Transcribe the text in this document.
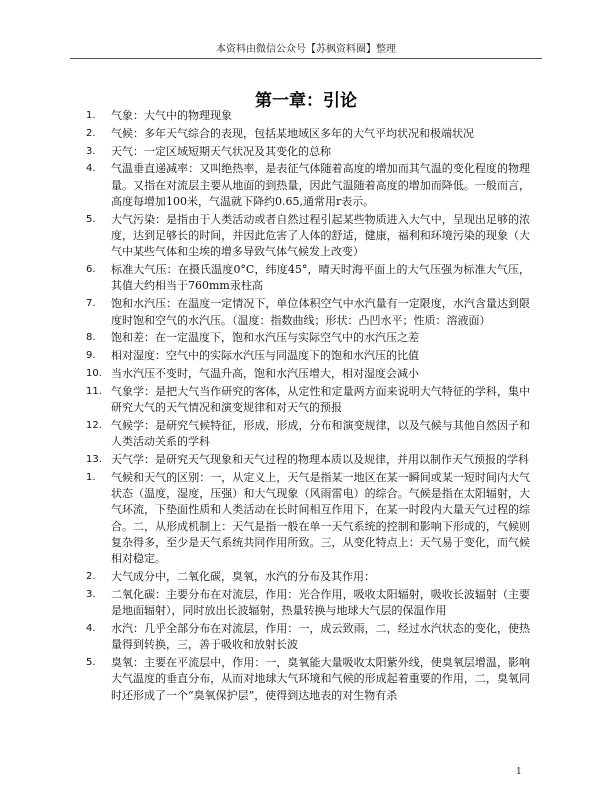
本资料由微信公众号【苏枫资料圈】整理
第一章：引论
1.	气象：大气中的物理现象
2.	气候：多年天气综合的表现，包括某地域区多年的大气平均状况和极端状况
3.	天气：一定区域短期天气状况及其变化的总称
4.	气温垂直递减率：又叫绝热率，是表征气体随着高度的增加而其气温的变化程度的物理量。又指在对流层主要从地面的到热量，因此气温随着高度的增加而降低。一般而言，高度每增加100米，气温就下降约0.65,通常用r表示。
5.	大气污染：是指由于人类活动或者自然过程引起某些物质进入大气中，呈现出足够的浓度，达到足够长的时间，并因此危害了人体的舒适，健康，福利和环境污染的现象（大气中某些气体和尘埃的增多导致气体气候发上改变）
6.	标准大气压：在摄氏温度0°C，纬度45°，晴天时海平面上的大气压强为标准大气压，其值大约相当于760mm汞柱高
7.	饱和水汽压：在温度一定情况下，单位体积空气中水汽量有一定限度，水汽含量达到限度时饱和空气的水汽压。（温度：指数曲线；形状：凸凹水平；性质：溶液面）
8.	饱和差：在一定温度下，饱和水汽压与实际空气中的水汽压之差
9.	相对湿度：空气中的实际水汽压与同温度下的饱和水汽压的比值
10. 当水汽压不变时，气温升高，饱和水汽压增大，相对湿度会减小
11. 气象学：是把大气当作研究的客体，从定性和定量两方面来说明大气特征的学科，集中研究大气的天气情况和演变规律和对天气的预报
12. 气候学：是研究气候特征，形成，形成，分布和演变规律，以及气候与其他自然因子和人类活动关系的学科
13. 天气学：是研究天气现象和天气过程的物理本质以及规律，并用以制作天气预报的学科
1.	气候和天气的区别：一，从定义上，天气是指某一地区在某一瞬间或某一短时间内大气状态（温度，湿度，压强）和大气现象（风雨雷电）的综合。气候是指在太阳辐射，大气环流，下垫面性质和人类活动在长时间相互作用下，在某一时段内大量天气过程的综合。二，从形成机制上：天气是指一般在单一天气系统的控制和影响下形成的，气候则复杂得多，至少是天气系统共同作用所致。三，从变化特点上：天气易于变化，而气候相对稳定。
2.	大气成分中，二氧化碳，臭氧，水汽的分布及其作用：
3.	二氧化碳：主要分布在对流层，作用：光合作用，吸收太阳辐射，吸收长波辐射（主要是地面辐射），同时放出长波辐射，热量转换与地球大气层的保温作用
4.	水汽：几乎全部分布在对流层，作用：一，成云致雨，二，经过水汽状态的变化，使热量得到转换，三，善于吸收和放射长波
5.	臭氧：主要在平流层中，作用：一，臭氧能大量吸收太阳紫外线，使臭氧层增温，影响大气温度的垂直分布，从而对地球大气环境和气候的形成起着重要的作用，二，臭氧同时还形成了一个“臭氧保护层”，使得到达地表的对生物有杀
1
